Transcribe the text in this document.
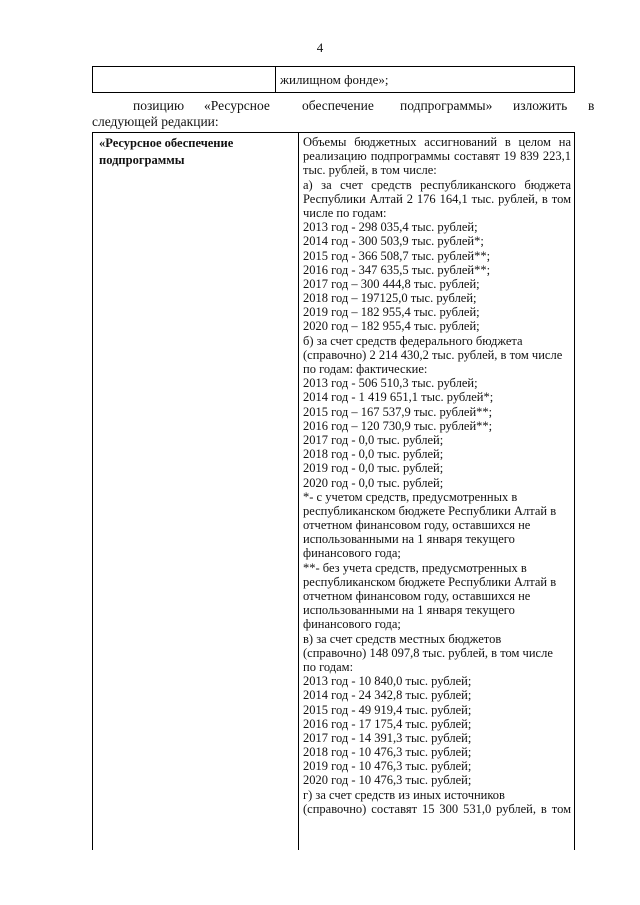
4
жилищном фонде»;
позицию «Ресурсное обеспечение подпрограммы» изложить в
следующей редакции:
«Ресурсное обеспечение подпрограммы
Объемы бюджетных ассигнований в целом на
реализацию подпрограммы составят 19 839 223,1
тыс. рублей, в том числе:
а) за счет средств республиканского бюджета
Республики Алтай 2 176 164,1 тыс. рублей, в том
числе по годам:
2013 год - 298 035,4 тыс. рублей;
2014 год - 300 503,9 тыс. рублей*;
2015 год - 366 508,7 тыс. рублей**;
2016 год - 347 635,5 тыс. рублей**;
2017 год – 300 444,8 тыс. рублей;
2018 год – 197125,0 тыс. рублей;
2019 год – 182 955,4 тыс. рублей;
2020 год – 182 955,4 тыс. рублей;
б) за счет средств федерального бюджета
(справочно) 2 214 430,2 тыс. рублей, в том числе
по годам: фактические:
2013 год - 506 510,3 тыс. рублей;
2014 год - 1 419 651,1 тыс. рублей*;
2015 год – 167 537,9 тыс. рублей**;
2016 год – 120 730,9 тыс. рублей**;
2017 год - 0,0 тыс. рублей;
2018 год - 0,0 тыс. рублей;
2019 год - 0,0 тыс. рублей;
2020 год - 0,0 тыс. рублей;
*- с учетом средств, предусмотренных в
республиканском бюджете Республики Алтай в
отчетном финансовом году, оставшихся не
использованными на 1 января текущего
финансового года;
**- без учета средств, предусмотренных в
республиканском бюджете Республики Алтай в
отчетном финансовом году, оставшихся не
использованными на 1 января текущего
финансового года;
в) за счет средств местных бюджетов
(справочно) 148 097,8 тыс. рублей, в том числе
по годам:
2013 год - 10 840,0 тыс. рублей;
2014 год - 24 342,8 тыс. рублей;
2015 год - 49 919,4 тыс. рублей;
2016 год - 17 175,4 тыс. рублей;
2017 год - 14 391,3 тыс. рублей;
2018 год - 10 476,3 тыс. рублей;
2019 год - 10 476,3 тыс. рублей;
2020 год - 10 476,3 тыс. рублей;
г) за счет средств из иных источников
(справочно) составят 15 300 531,0 рублей, в том
